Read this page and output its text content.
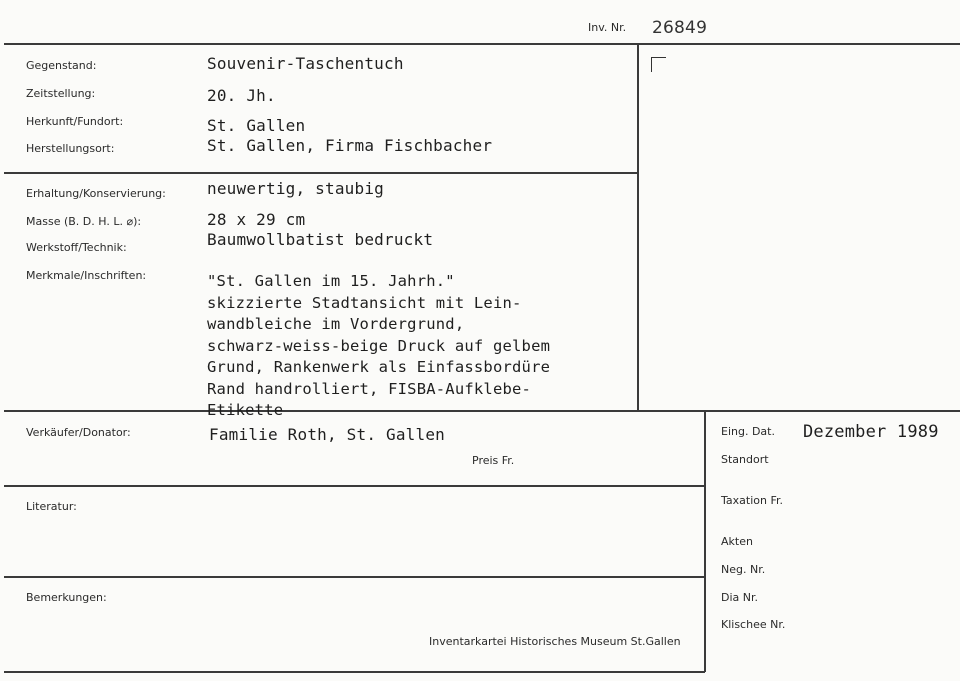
Inv. Nr. 26849
Gegenstand:	Souvenir-Taschentuch
Zeitstellung:	20. Jh.
Herkunft/Fundort:	St. Gallen
Herstellungsort:	St. Gallen, Firma Fischbacher
Erhaltung/Konservierung:	neuwertig, staubig
Masse (B. D. H. L. ⌀):	28 x 29 cm
Werkstoff/Technik:	Baumwollbatist bedruckt
Merkmale/Inschriften:	"St. Gallen im 15. Jahrh."
skizzierte Stadtansicht mit Lein-
wandbleiche im Vordergrund,
schwarz-weiss-beige Druck auf gelbem
Grund, Rankenwerk als Einfassbordüre
Rand handrolliert, FISBA-Aufklebe-
Etikette
Verkäufer/Donator:	Familie Roth, St. Gallen
Preis Fr.
Literatur:
Bemerkungen:
Inventarkartei Historisches Museum St.Gallen
Eing. Dat. Dezember 1989
Standort
Taxation Fr.
Akten
Neg. Nr.
Dia Nr.
Klischee Nr.
